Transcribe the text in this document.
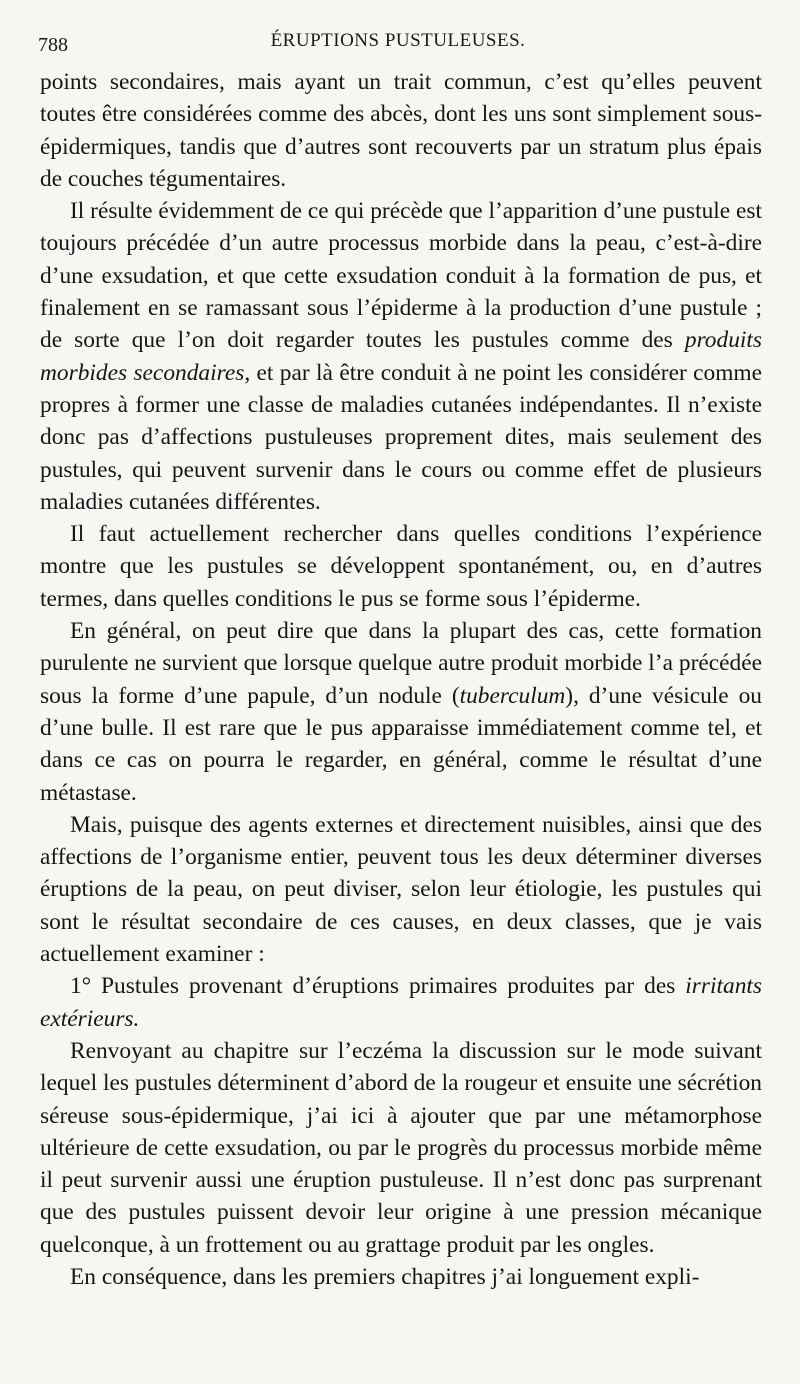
788	ÉRUPTIONS PUSTULEUSES.

points secondaires, mais ayant un trait commun, c’est qu’elles peuvent toutes être considérées comme des abcès, dont les uns sont simplement sous-épidermiques, tandis que d’autres sont recouverts par un stratum plus épais de couches tégumentaires.

Il résulte évidemment de ce qui précède que l’apparition d’une pustule est toujours précédée d’un autre processus morbide dans la peau, c’est-à-dire d’une exsudation, et que cette exsudation conduit à la formation de pus, et finalement en se ramassant sous l’épiderme à la production d’une pustule ; de sorte que l’on doit regarder toutes les pustules comme des produits morbides secondaires, et par là être conduit à ne point les considérer comme propres à former une classe de maladies cutanées indépendantes. Il n’existe donc pas d’affections pustuleuses proprement dites, mais seulement des pustules, qui peuvent survenir dans le cours ou comme effet de plusieurs maladies cutanées différentes.

Il faut actuellement rechercher dans quelles conditions l’expérience montre que les pustules se développent spontanément, ou, en d’autres termes, dans quelles conditions le pus se forme sous l’épiderme.

En général, on peut dire que dans la plupart des cas, cette formation purulente ne survient que lorsque quelque autre produit morbide l’a précédée sous la forme d’une papule, d’un nodule (tuberculum), d’une vésicule ou d’une bulle. Il est rare que le pus apparaisse immédiatement comme tel, et dans ce cas on pourra le regarder, en général, comme le résultat d’une métastase.

Mais, puisque des agents externes et directement nuisibles, ainsi que des affections de l’organisme entier, peuvent tous les deux déterminer diverses éruptions de la peau, on peut diviser, selon leur étiologie, les pustules qui sont le résultat secondaire de ces causes, en deux classes, que je vais actuellement examiner :

1° Pustules provenant d’éruptions primaires produites par des irritants extérieurs.

Renvoyant au chapitre sur l’eczéma la discussion sur le mode suivant lequel les pustules déterminent d’abord de la rougeur et ensuite une sécrétion séreuse sous-épidermique, j’ai ici à ajouter que par une métamorphose ultérieure de cette exsudation, ou par le progrès du processus morbide même il peut survenir aussi une éruption pustuleuse. Il n’est donc pas surprenant que des pustules puissent devoir leur origine à une pression mécanique quelconque, à un frottement ou au grattage produit par les ongles.

En conséquence, dans les premiers chapitres j’ai longuement expli-
